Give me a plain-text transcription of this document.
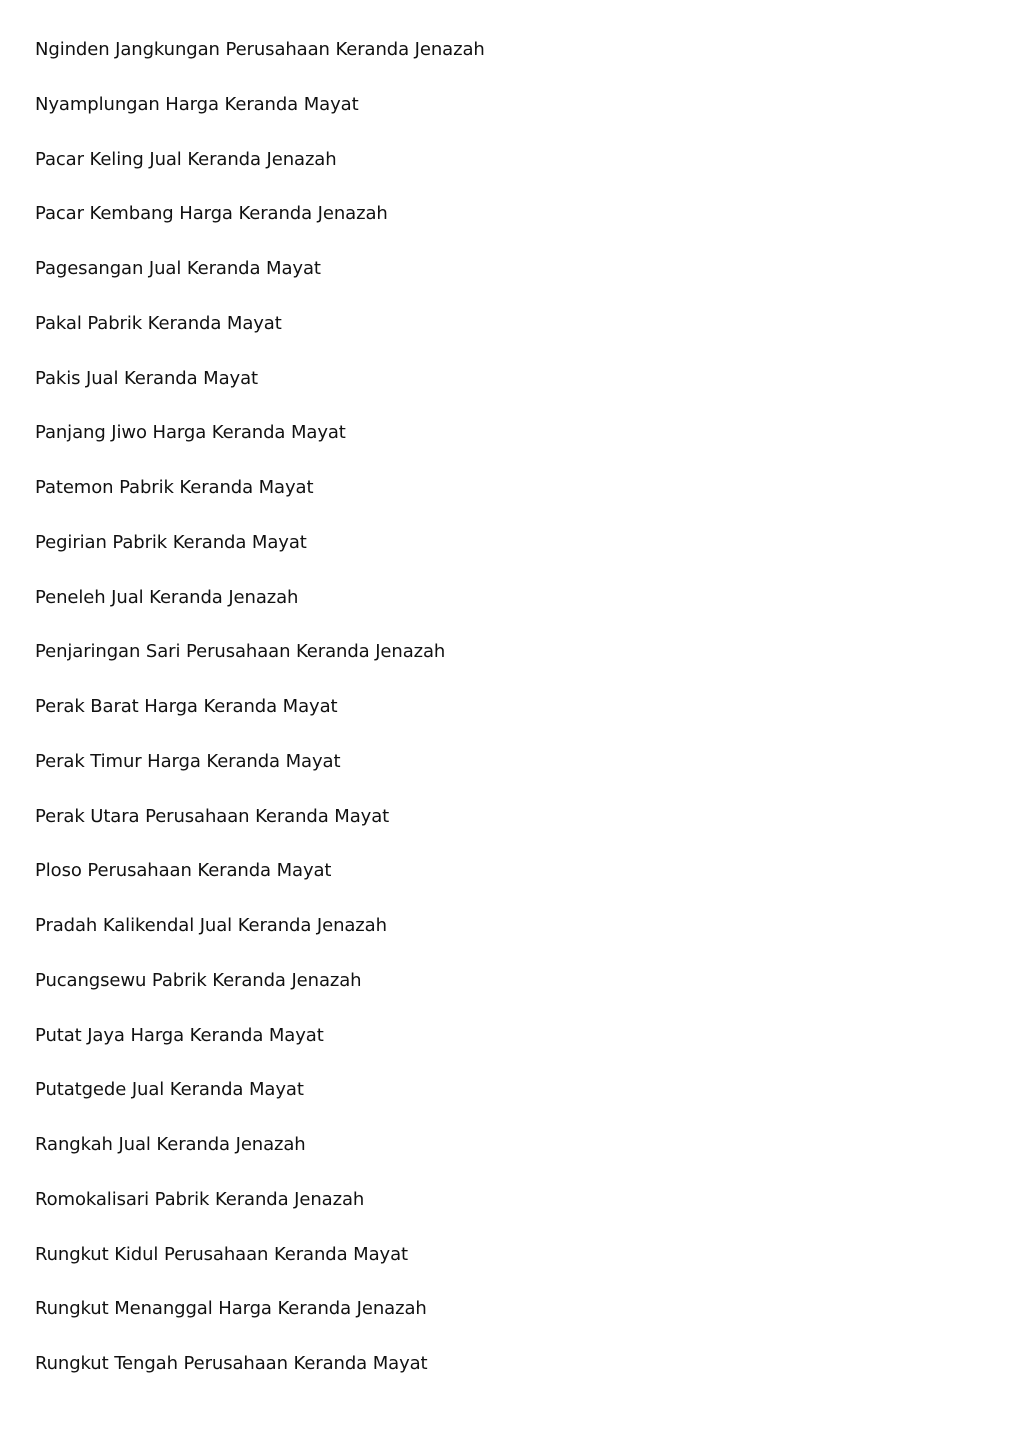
Nginden Jangkungan Perusahaan Keranda Jenazah
Nyamplungan Harga Keranda Mayat
Pacar Keling Jual Keranda Jenazah
Pacar Kembang Harga Keranda Jenazah
Pagesangan Jual Keranda Mayat
Pakal Pabrik Keranda Mayat
Pakis Jual Keranda Mayat
Panjang Jiwo Harga Keranda Mayat
Patemon Pabrik Keranda Mayat
Pegirian Pabrik Keranda Mayat
Peneleh Jual Keranda Jenazah
Penjaringan Sari Perusahaan Keranda Jenazah
Perak Barat Harga Keranda Mayat
Perak Timur Harga Keranda Mayat
Perak Utara Perusahaan Keranda Mayat
Ploso Perusahaan Keranda Mayat
Pradah Kalikendal Jual Keranda Jenazah
Pucangsewu Pabrik Keranda Jenazah
Putat Jaya Harga Keranda Mayat
Putatgede Jual Keranda Mayat
Rangkah Jual Keranda Jenazah
Romokalisari Pabrik Keranda Jenazah
Rungkut Kidul Perusahaan Keranda Mayat
Rungkut Menanggal Harga Keranda Jenazah
Rungkut Tengah Perusahaan Keranda Mayat
